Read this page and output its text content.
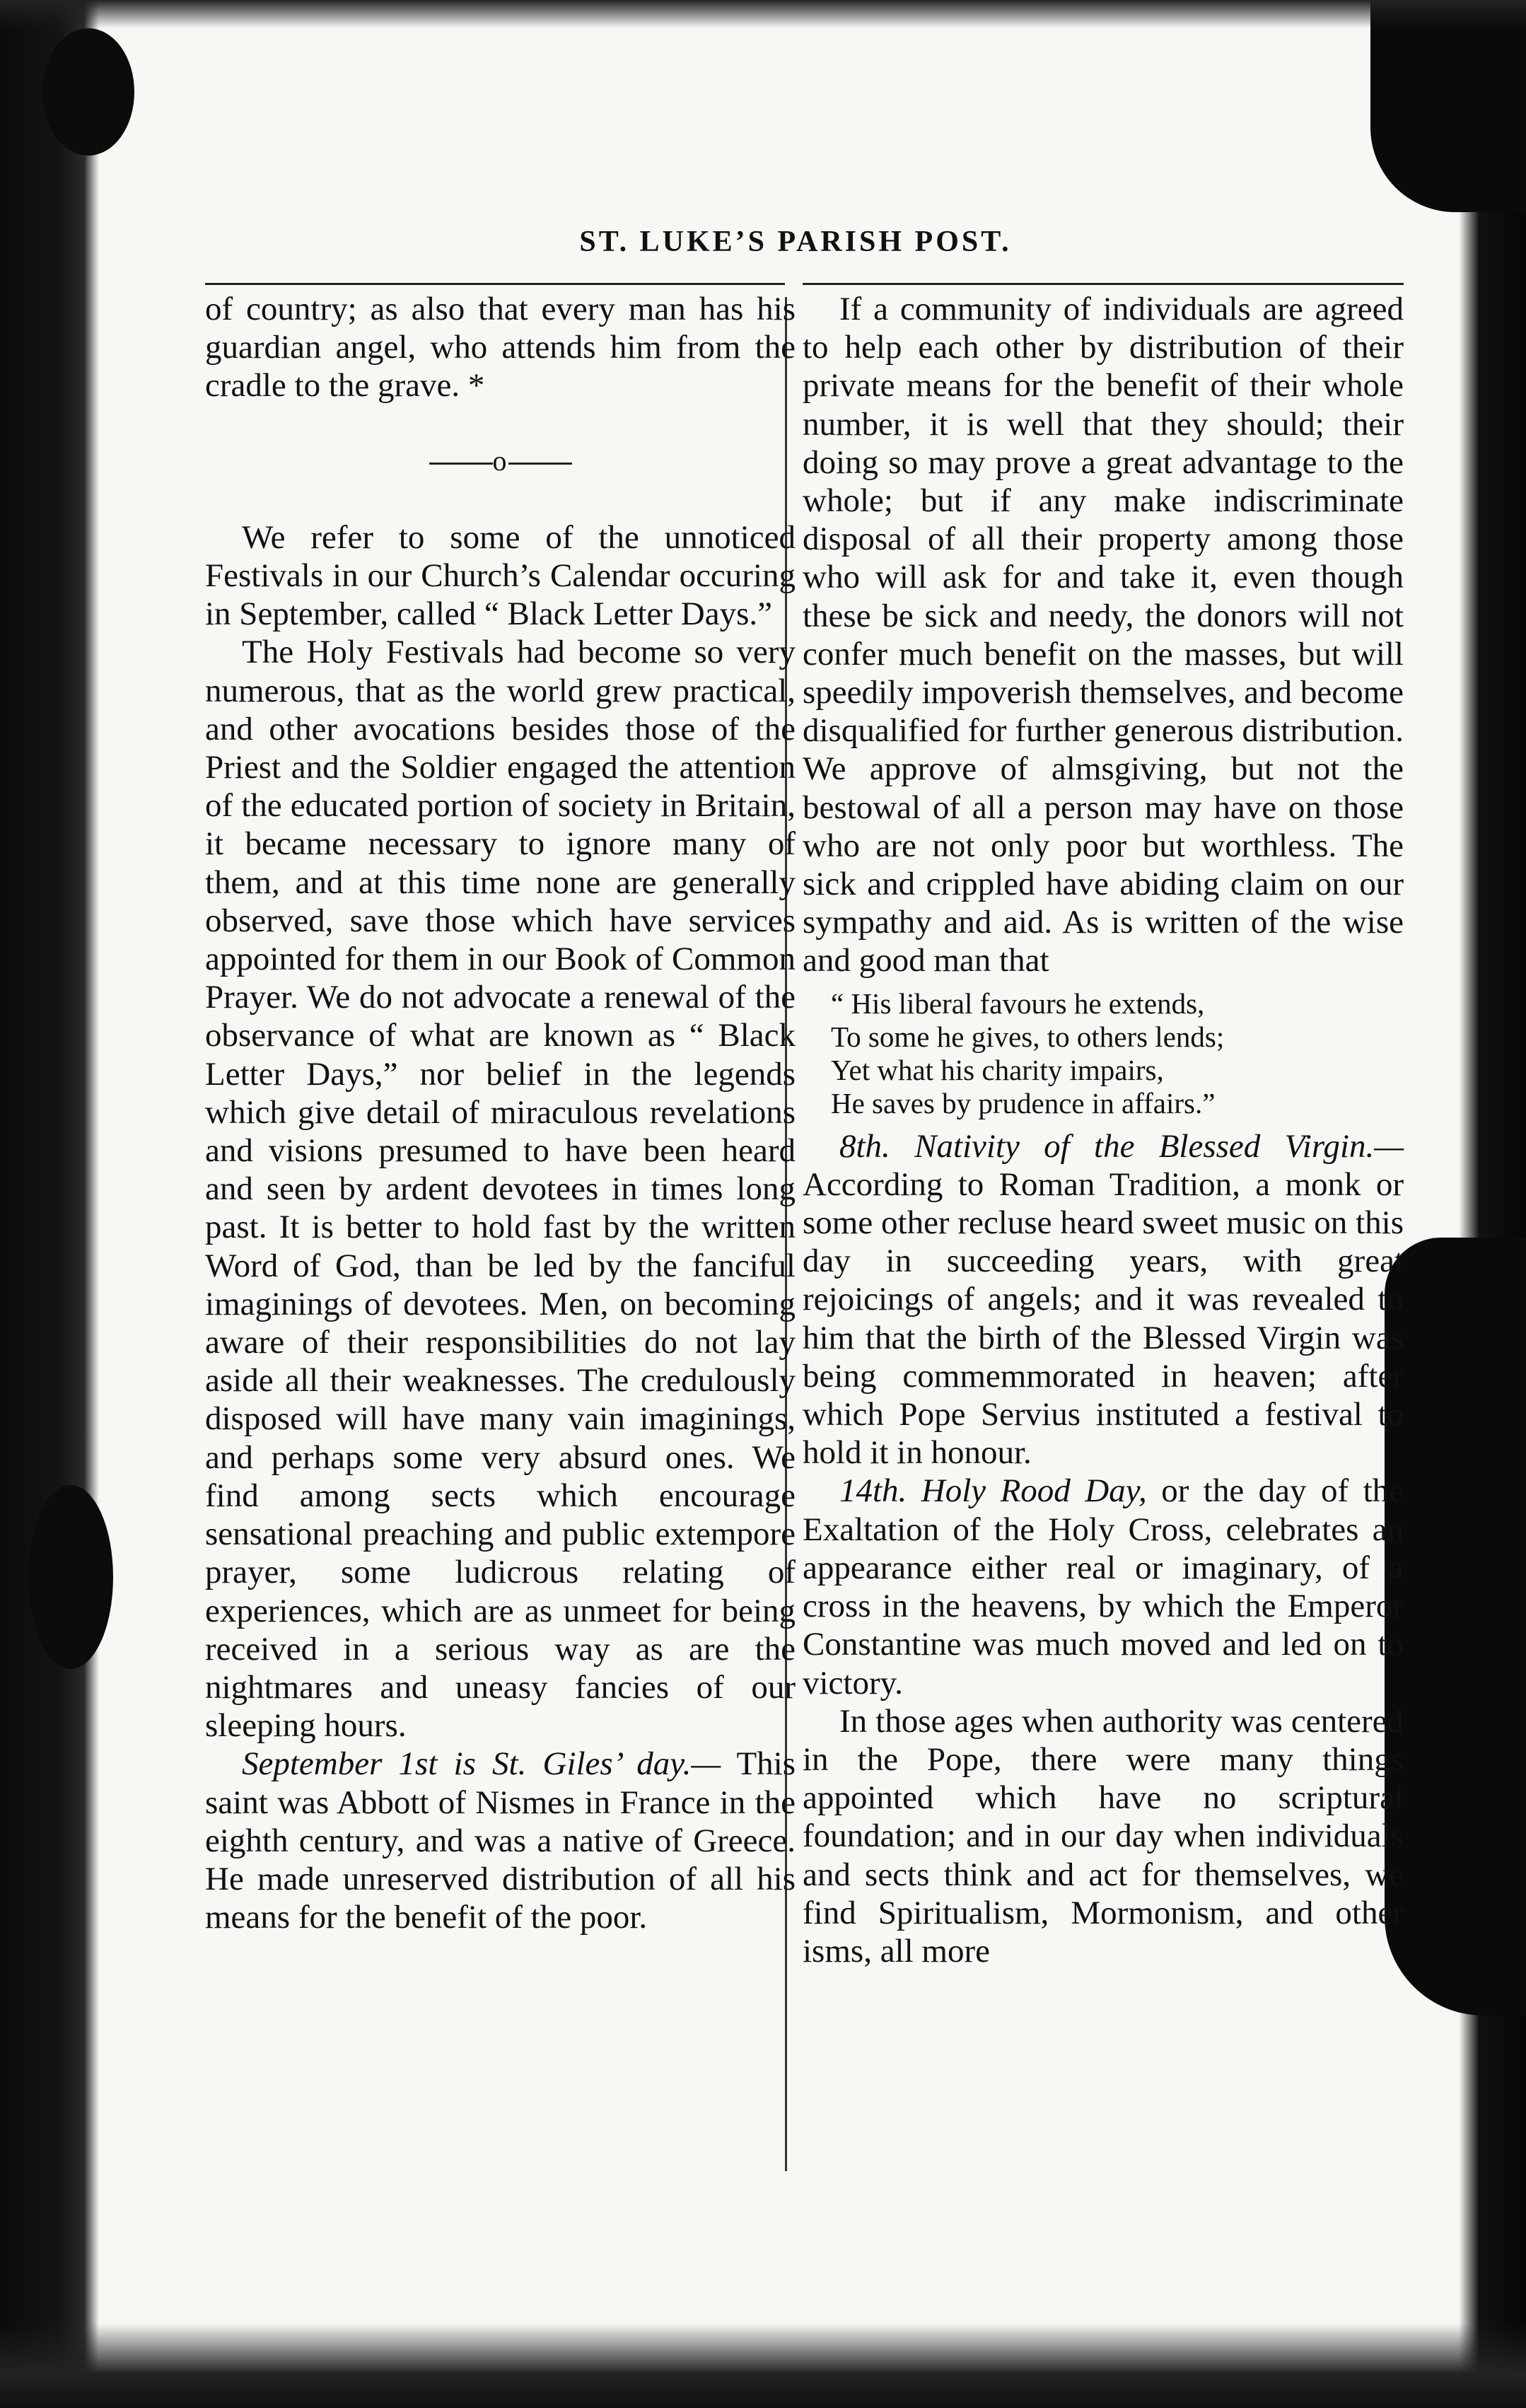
ST. LUKE’S PARISH POST.

of country; as also that every man has his guardian angel, who attends him from the cradle to the grave. *

o

We refer to some of the unnoticed Festivals in our Church’s Calendar occuring in September, called “ Black Letter Days.”

The Holy Festivals had become so very numerous, that as the world grew practical, and other avocations besides those of the Priest and the Soldier engaged the attention of the educated portion of society in Britain, it became necessary to ignore many of them, and at this time none are generally observed, save those which have services appointed for them in our Book of Common Prayer. We do not advocate a renewal of the observance of what are known as “ Black Letter Days,” nor belief in the legends which give detail of miraculous revelations and visions presumed to have been heard and seen by ardent devotees in times long past. It is better to hold fast by the written Word of God, than be led by the fanciful imaginings of devotees. Men, on becoming aware of their responsibilities do not lay aside all their weaknesses. The credulously disposed will have many vain imaginings, and perhaps some very absurd ones. We find among sects which encourage sensational preaching and public extempore prayer, some ludicrous relating of experiences, which are as unmeet for being received in a serious way as are the nightmares and uneasy fancies of our sleeping hours.

September 1st is St. Giles’ day.— This saint was Abbott of Nismes in France in the eighth century, and was a native of Greece. He made unreserved distribution of all his means for the benefit of the poor.

If a community of individuals are agreed to help each other by distribution of their private means for the benefit of their whole number, it is well that they should; their doing so may prove a great advantage to the whole; but if any make indiscriminate disposal of all their property among those who will ask for and take it, even though these be sick and needy, the donors will not confer much benefit on the masses, but will speedily impoverish themselves, and become disqualified for further generous distribution. We approve of almsgiving, but not the bestowal of all a person may have on those who are not only poor but worthless. The sick and crippled have abiding claim on our sympathy and aid. As is written of the wise and good man that

“ His liberal favours he extends,
To some he gives, to others lends;
Yet what his charity impairs,
He saves by prudence in affairs.”

8th. Nativity of the Blessed Virgin.—According to Roman Tradition, a monk or some other recluse heard sweet music on this day in succeeding years, with great rejoicings of angels; and it was revealed to him that the birth of the Blessed Virgin was being commemmorated in heaven; after which Pope Servius instituted a festival to hold it in honour.

14th. Holy Rood Day, or the day of the Exaltation of the Holy Cross, celebrates an appearance either real or imaginary, of a cross in the heavens, by which the Emperor Constantine was much moved and led on to victory.

In those ages when authority was centered in the Pope, there were many things appointed which have no scriptural foundation; and in our day when individuals and sects think and act for themselves, we find Spiritualism, Mormonism, and other isms, all more
